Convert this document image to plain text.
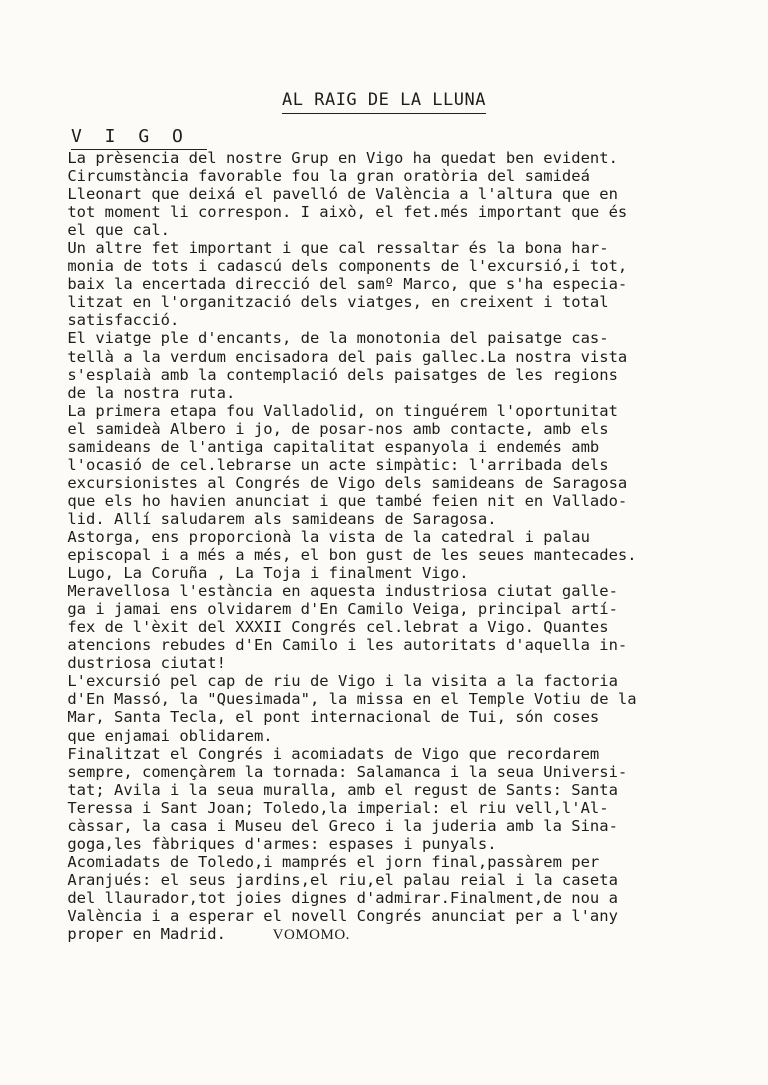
AL RAIG DE LA LLUNA
V I G O
La prèsencia del nostre Grup en Vigo ha quedat ben evident.
Circumstància favorable fou la gran oratòria del samideá
Lleonart que deixá el pavelló de València a l'altura que en
tot moment li correspon. I això, el fet.més important que és
el que cal.
Un altre fet important i que cal ressaltar és la bona har-
monia de tots i cadascú dels components de l'excursió,i tot,
baix la encertada direcció del samº Marco, que s'ha especia-
litzat en l'organització dels viatges, en creixent i total
satisfacció.
El viatge ple d'encants, de la monotonia del paisatge cas-
tellà a la verdum encisadora del pais gallec.La nostra vista
s'esplaià amb la contemplació dels paisatges de les regions
de la nostra ruta.
La primera etapa fou Valladolid, on tinguérem l'oportunitat
el samideà Albero i jo, de posar-nos amb contacte, amb els
samideans de l'antiga capitalitat espanyola i endemés amb
l'ocasió de cel.lebrarse un acte simpàtic: l'arribada dels
excursionistes al Congrés de Vigo dels samideans de Saragosa
que els ho havien anunciat i que també feien nit en Vallado-
lid. Allí saludarem als samideans de Saragosa.
Astorga, ens proporcionà la vista de la catedral i palau
episcopal i a més a més, el bon gust de les seues mantecades.
Lugo, La Coruña , La Toja i finalment Vigo.
Meravellosa l'estància en aquesta industriosa ciutat galle-
ga i jamai ens olvidarem d'En Camilo Veiga, principal artí-
fex de l'èxit del XXXII Congrés cel.lebrat a Vigo. Quantes
atencions rebudes d'En Camilo i les autoritats d'aquella in-
dustriosa ciutat!
L'excursió pel cap de riu de Vigo i la visita a la factoria
d'En Massó, la "Quesimada", la missa en el Temple Votiu de la
Mar, Santa Tecla, el pont internacional de Tui, són coses
que enjamai oblidarem.
Finalitzat el Congrés i acomiadats de Vigo que recordarem
sempre, començàrem la tornada: Salamanca i la seua Universi-
tat; Avila i la seua muralla, amb el regust de Sants: Santa
Teressa i Sant Joan; Toledo,la imperial: el riu vell,l'Al-
càssar, la casa i Museu del Greco i la juderia amb la Sina-
goga,les fàbriques d'armes: espases i punyals.
Acomiadats de Toledo,i mamprés el jorn final,passàrem per
Aranjués: el seus jardins,el riu,el palau reial i la caseta
del llaurador,tot joies dignes d'admirar.Finalment,de nou a
València i a esperar el novell Congrés anunciat per a l'any
proper en Madrid.	VOMOMO.
